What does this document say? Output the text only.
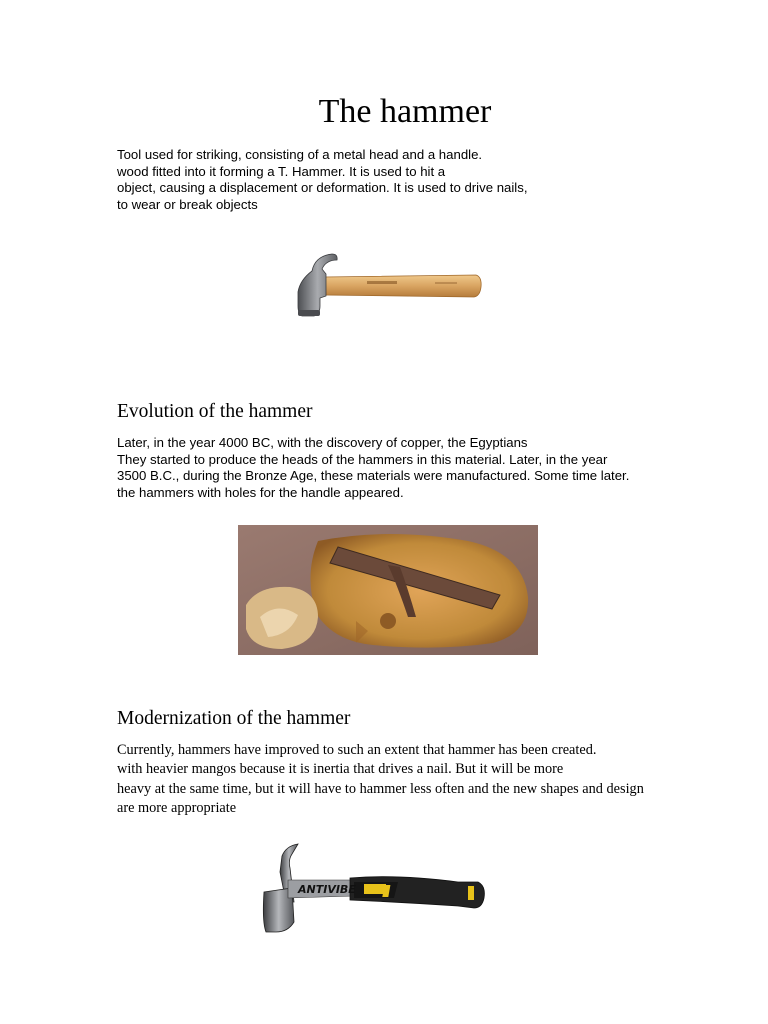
The hammer

Tool used for striking, consisting of a metal head and a handle.
wood fitted into it forming a T. Hammer. It is used to hit a
object, causing a displacement or deformation. It is used to drive nails,
to wear or break objects

Evolution of the hammer

Later, in the year 4000 BC, with the discovery of copper, the Egyptians
They started to produce the heads of the hammers in this material. Later, in the year
3500 B.C., during the Bronze Age, these materials were manufactured. Some time later.
the hammers with holes for the handle appeared.

Modernization of the hammer

Currently, hammers have improved to such an extent that hammer has been created.
with heavier mangos because it is inertia that drives a nail. But it will be more
heavy at the same time, but it will have to hammer less often and the new shapes and design
are more appropriate

ANTIVIBE
